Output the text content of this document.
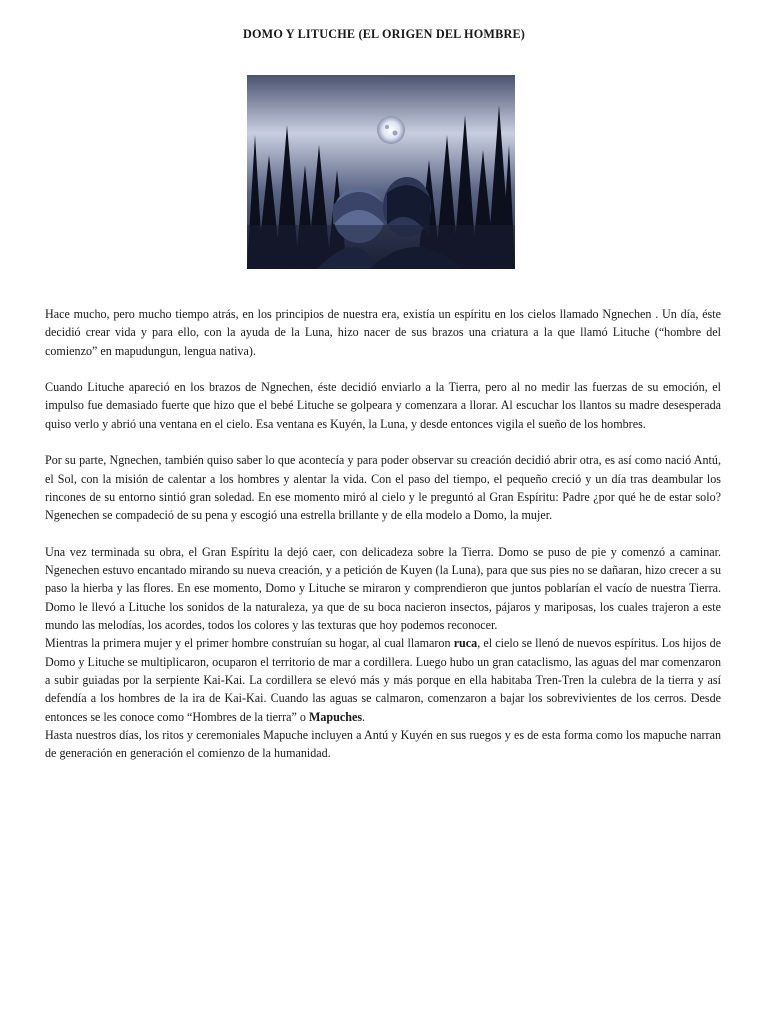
DOMO Y LITUCHE (EL ORIGEN DEL HOMBRE)

Hace mucho, pero mucho tiempo atrás, en los principios de nuestra era, existía un espíritu en los cielos llamado Ngnechen . Un día, éste decidió crear vida y para ello, con la ayuda de la Luna, hizo nacer de sus brazos una criatura a la que llamó Lituche (“hombre del comienzo” en mapudungun, lengua nativa).

Cuando Lituche apareció en los brazos de Ngnechen, éste decidió enviarlo a la Tierra, pero al no medir las fuerzas de su emoción, el impulso fue demasiado fuerte que hizo que el bebé Lituche se golpeara y comenzara a llorar. Al escuchar los llantos su madre desesperada quiso verlo y abrió una ventana en el cielo. Esa ventana es Kuyén, la Luna, y desde entonces vigila el sueño de los hombres.

Por su parte, Ngnechen, también quiso saber lo que acontecía y para poder observar su creación decidió abrir otra, es así como nació Antú, el Sol, con la misión de calentar a los hombres y alentar la vida. Con el paso del tiempo, el pequeño creció y un día tras deambular los rincones de su entorno sintió gran soledad. En ese momento miró al cielo y le preguntó al Gran Espíritu: Padre ¿por qué he de estar solo? Ngenechen se compadeció de su pena y escogió una estrella brillante y de ella modelo a Domo, la mujer.

Una vez terminada su obra, el Gran Espíritu la dejó caer, con delicadeza sobre la Tierra. Domo se puso de pie y comenzó a caminar. Ngenechen estuvo encantado mirando su nueva creación, y a petición de Kuyen (la Luna), para que sus pies no se dañaran, hizo crecer a su paso la hierba y las flores. En ese momento, Domo y Lituche se miraron y comprendieron que juntos poblarían el vacío de nuestra Tierra. Domo le llevó a Lituche los sonidos de la naturaleza, ya que de su boca nacieron insectos, pájaros y mariposas, los cuales trajeron a este mundo las melodías, los acordes, todos los colores y las texturas que hoy podemos reconocer.

Mientras la primera mujer y el primer hombre construían su hogar, al cual llamaron ruca, el cielo se llenó de nuevos espíritus. Los hijos de Domo y Lituche se multiplicaron, ocuparon el territorio de mar a cordillera. Luego hubo un gran cataclismo, las aguas del mar comenzaron a subir guiadas por la serpiente Kai-Kai. La cordillera se elevó más y más porque en ella habitaba Tren-Tren la culebra de la tierra y así defendía a los hombres de la ira de Kai-Kai. Cuando las aguas se calmaron, comenzaron a bajar los sobrevivientes de los cerros. Desde entonces se les conoce como “Hombres de la tierra” o Mapuches.

Hasta nuestros días, los ritos y ceremoniales Mapuche incluyen a Antú y Kuyén en sus ruegos y es de esta forma como los mapuche narran de generación en generación el comienzo de la humanidad.
